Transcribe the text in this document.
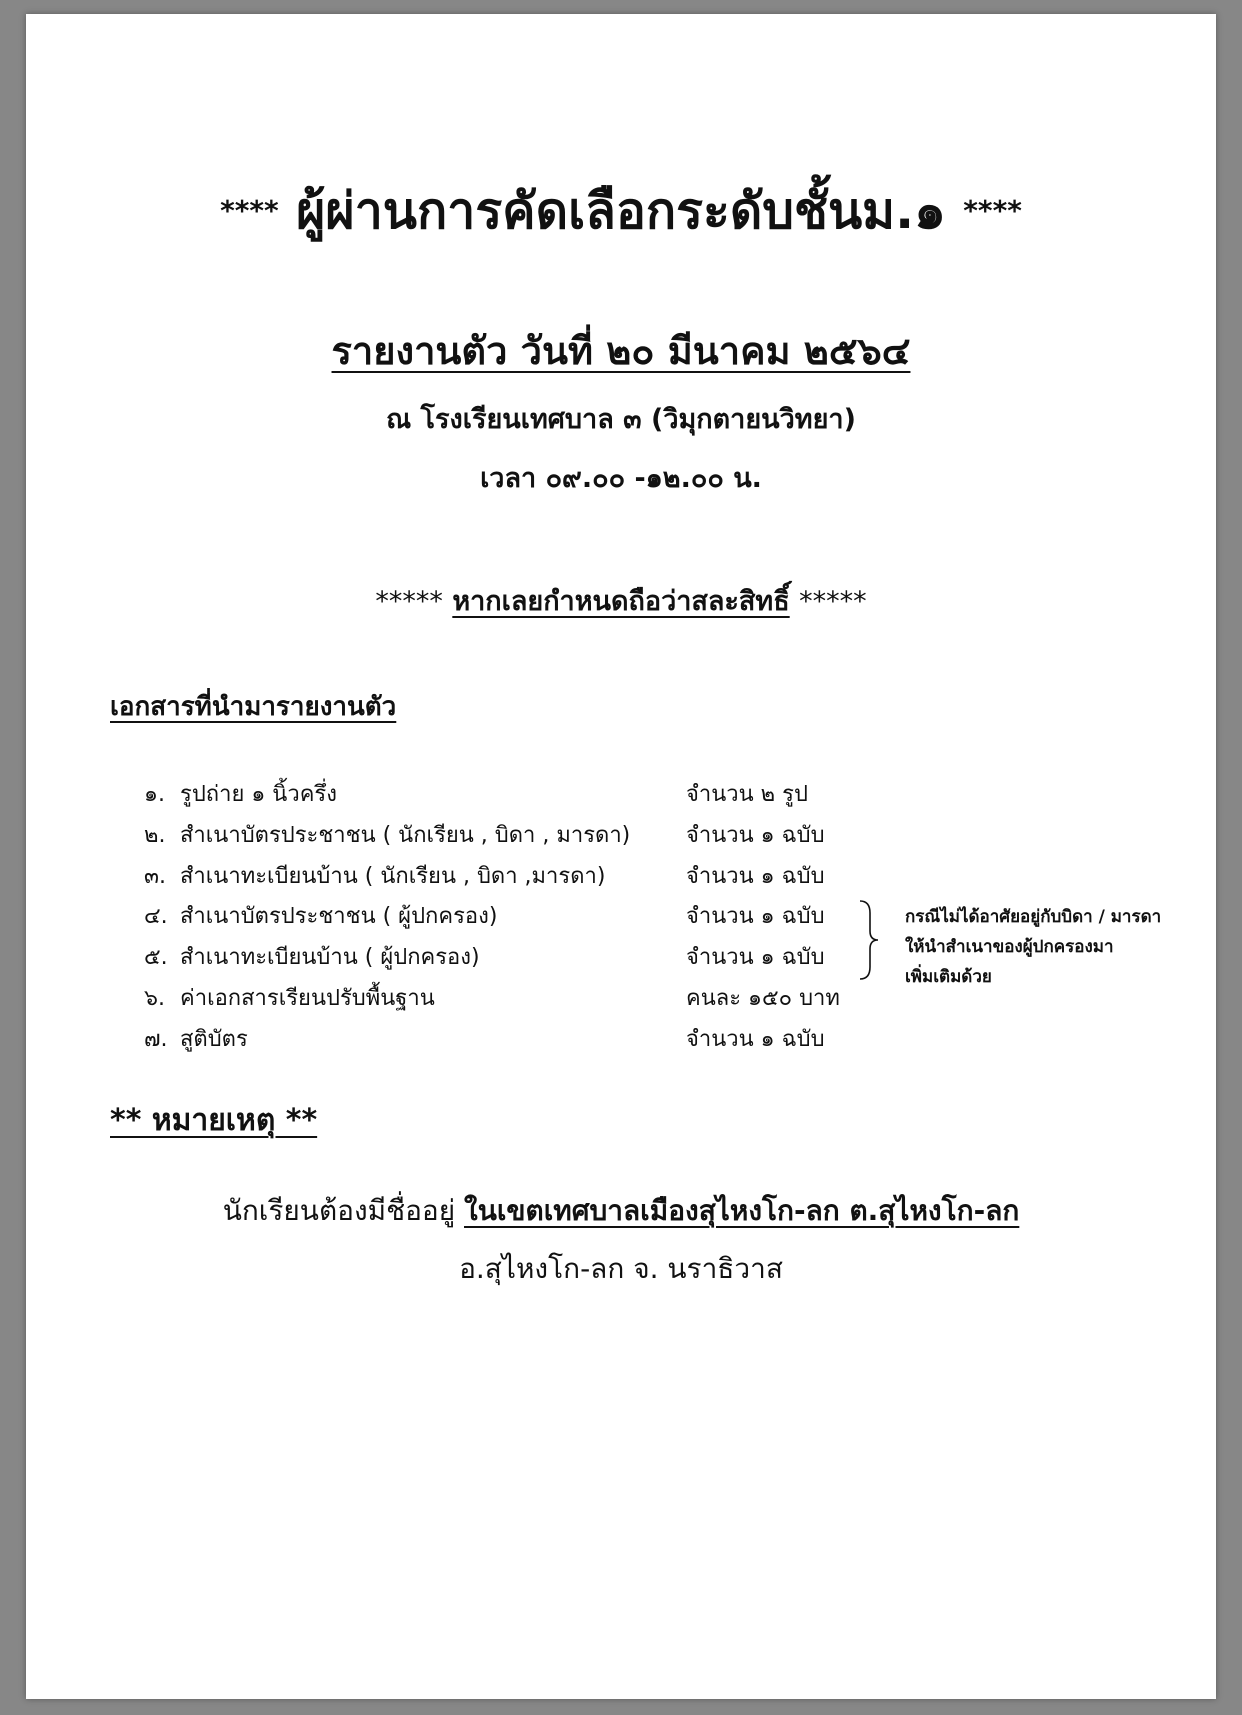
**** ผู้ผ่านการคัดเลือกระดับชั้นม.๑ ****
รายงานตัว วันที่ ๒๐ มีนาคม ๒๕๖๔
ณ โรงเรียนเทศบาล ๓ (วิมุกตายนวิทยา)
เวลา ๐๙.๐๐ -๑๒.๐๐ น.
***** หากเลยกำหนดถือว่าสละสิทธิ์ *****
เอกสารที่นำมารายงานตัว
๑. รูปถ่าย ๑ นิ้วครึ่ง	จำนวน ๒ รูป
๒. สำเนาบัตรประชาชน ( นักเรียน , บิดา , มารดา)	จำนวน ๑ ฉบับ
๓. สำเนาทะเบียนบ้าน ( นักเรียน , บิดา ,มารดา)	จำนวน ๑ ฉบับ
๔. สำเนาบัตรประชาชน ( ผู้ปกครอง)	จำนวน ๑ ฉบับ
๕. สำเนาทะเบียนบ้าน ( ผู้ปกครอง)	จำนวน ๑ ฉบับ
๖. ค่าเอกสารเรียนปรับพื้นฐาน	คนละ ๑๕๐ บาท
๗. สูติบัตร	จำนวน ๑ ฉบับ
กรณีไม่ได้อาศัยอยู่กับบิดา / มารดา
ให้นำสำเนาของผู้ปกครองมา
เพิ่มเติมด้วย
** หมายเหตุ **
นักเรียนต้องมีชื่ออยู่ ในเขตเทศบาลเมืองสุไหงโก-ลก ต.สุไหงโก-ลก
อ.สุไหงโก-ลก จ. นราธิวาส
